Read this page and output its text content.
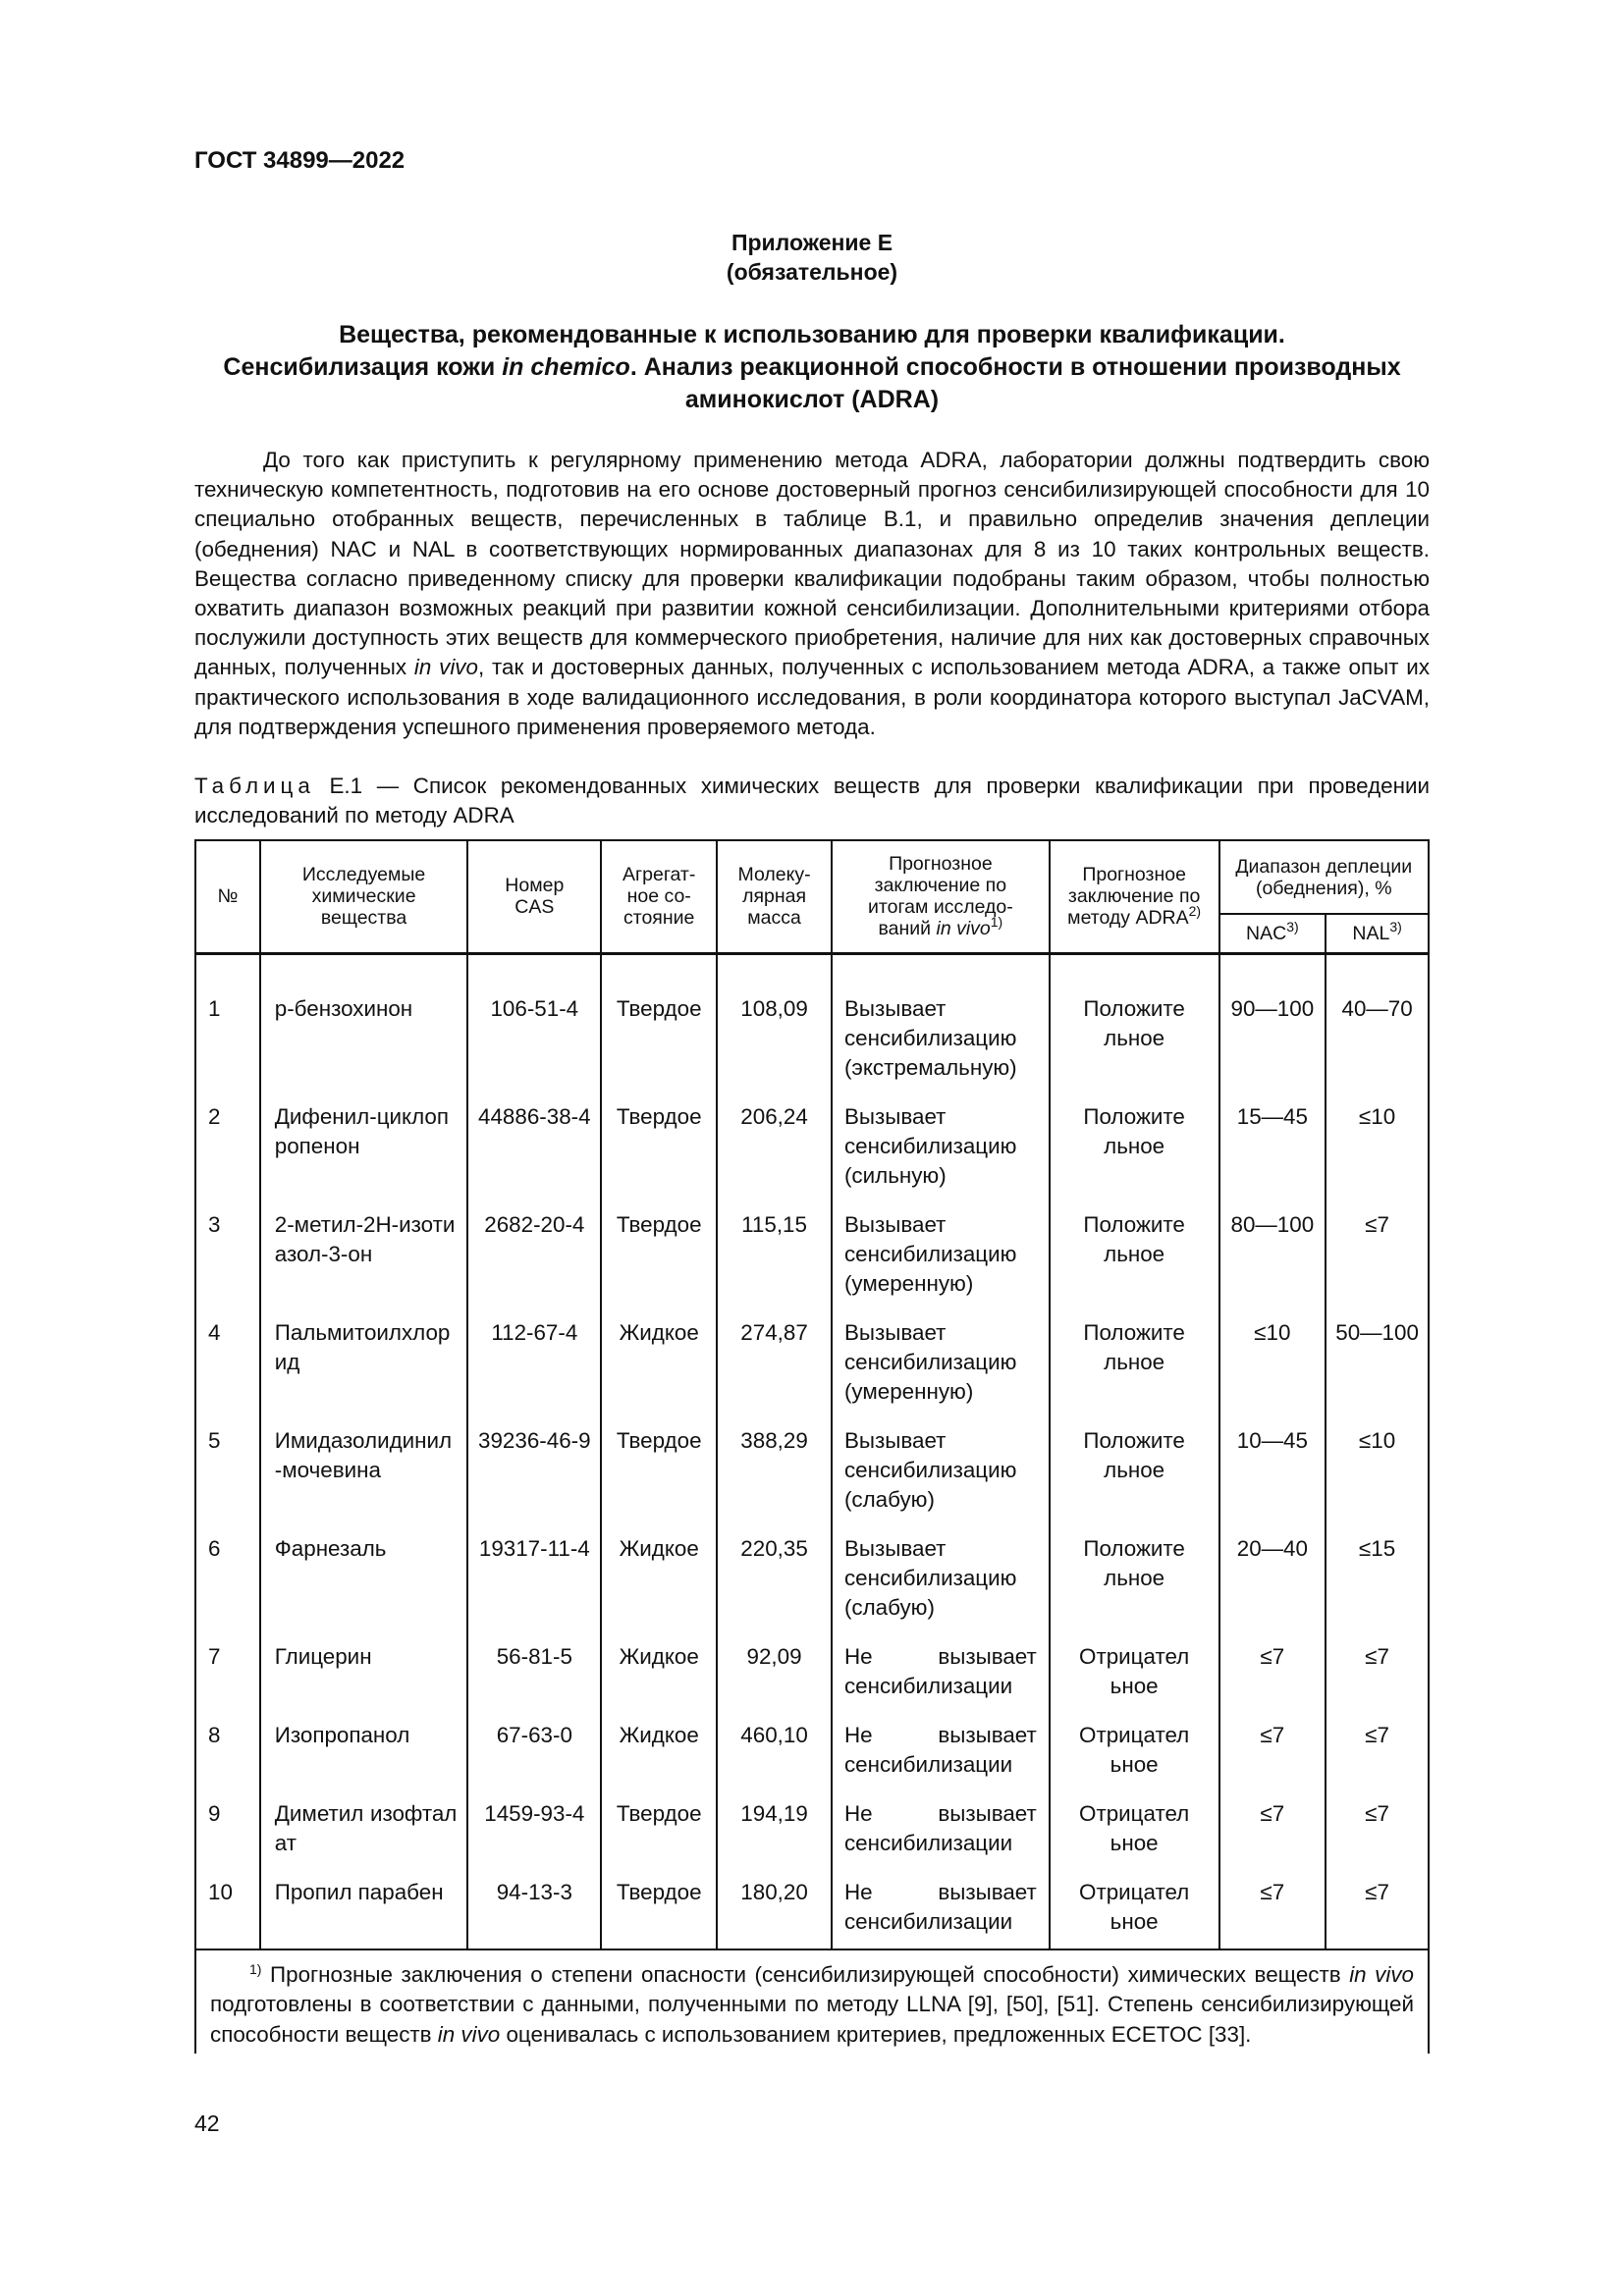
ГОСТ 34899—2022
Приложение Е
(обязательное)
Вещества, рекомендованные к использованию для проверки квалификации.
Сенсибилизация кожи in chemico. Анализ реакционной способности в отношении производных
аминокислот (ADRA)

До того как приступить к регулярному применению метода ADRA, лаборатории должны подтвердить свою техническую компетентность, подготовив на его основе достоверный прогноз сенсибилизирующей способности для 10 специально отобранных веществ, перечисленных в таблице В.1, и правильно определив значения деплеции (обеднения) NAC и NAL в соответствующих нормированных диапазонах для 8 из 10 таких контрольных веществ. Вещества согласно приведенному списку для проверки квалификации подобраны таким образом, чтобы полностью охватить диапазон возможных реакций при развитии кожной сенсибилизации. Дополнительными критериями отбора послужили доступность этих веществ для коммерческого приобретения, наличие для них как достоверных справочных данных, полученных in vivo, так и достоверных данных, полученных с использованием метода ADRA, а также опыт их практического использования в ходе валидационного исследования, в роли координатора которого выступал JaCVAM, для подтверждения успешного применения проверяемого метода.

Таблица Е.1 — Список рекомендованных химических веществ для проверки квалификации при проведении исследований по методу ADRA

№	Исследуемые химические вещества	Номер CAS	Агрегат- ное со- стояние	Молеку- лярная масса	Прогнозное заключение по итогам исследо- ваний in vivo$^{1)}$	Прогнозное заключение по методу ADRA$^{2)}$	Диапазон деплеции (обеднения), %	
							NAC$^{3)}$	NAL$^{3)}$

1	р-бензохинон	106-51-4	Твердое	108,09	Вызывает сенсибилизацию (экстремальную)	Положительное	90—100	40—70
2	Дифенил-циклопропенон	44886-38-4	Твердое	206,24	Вызывает сенсибилизацию (сильную)	Положительное	15—45	≤10
3	2-метил-2Н-изотиазол-3-он	2682-20-4	Твердое	115,15	Вызывает сенсибилизацию (умеренную)	Положительное	80—100	≤7
4	Пальмитоилхлорид	112-67-4	Жидкое	274,87	Вызывает сенсибилизацию (умеренную)	Положительное	≤10	50—100
5	Имидазолидинил-мочевина	39236-46-9	Твердое	388,29	Вызывает сенсибилизацию (слабую)	Положительное	10—45	≤10
6	Фарнезаль	19317-11-4	Жидкое	220,35	Вызывает сенсибилизацию (слабую)	Положительное	20—40	≤15
7	Глицерин	56-81-5	Жидкое	92,09	Не вызывает сенсибилизации	Отрицательное	≤7	≤7
8	Изопропанол	67-63-0	Жидкое	460,10	Не вызывает сенсибилизации	Отрицательное	≤7	≤7
9	Диметил изофталат	1459-93-4	Твердое	194,19	Не вызывает сенсибилизации	Отрицательное	≤7	≤7
10	Пропил парабен	94-13-3	Твердое	180,20	Не вызывает сенсибилизации	Отрицательное	≤7	≤7
$^{1)}$ Прогнозные заключения о степени опасности (сенсибилизирующей способности) химических веществ in vivo подготовлены в соответствии с данными, полученными по методу LLNA [9], [50], [51]. Степень сенсибилизирующей способности веществ in vivo оценивалась с использованием критериев, предложенных ECETOC [33].								
42
